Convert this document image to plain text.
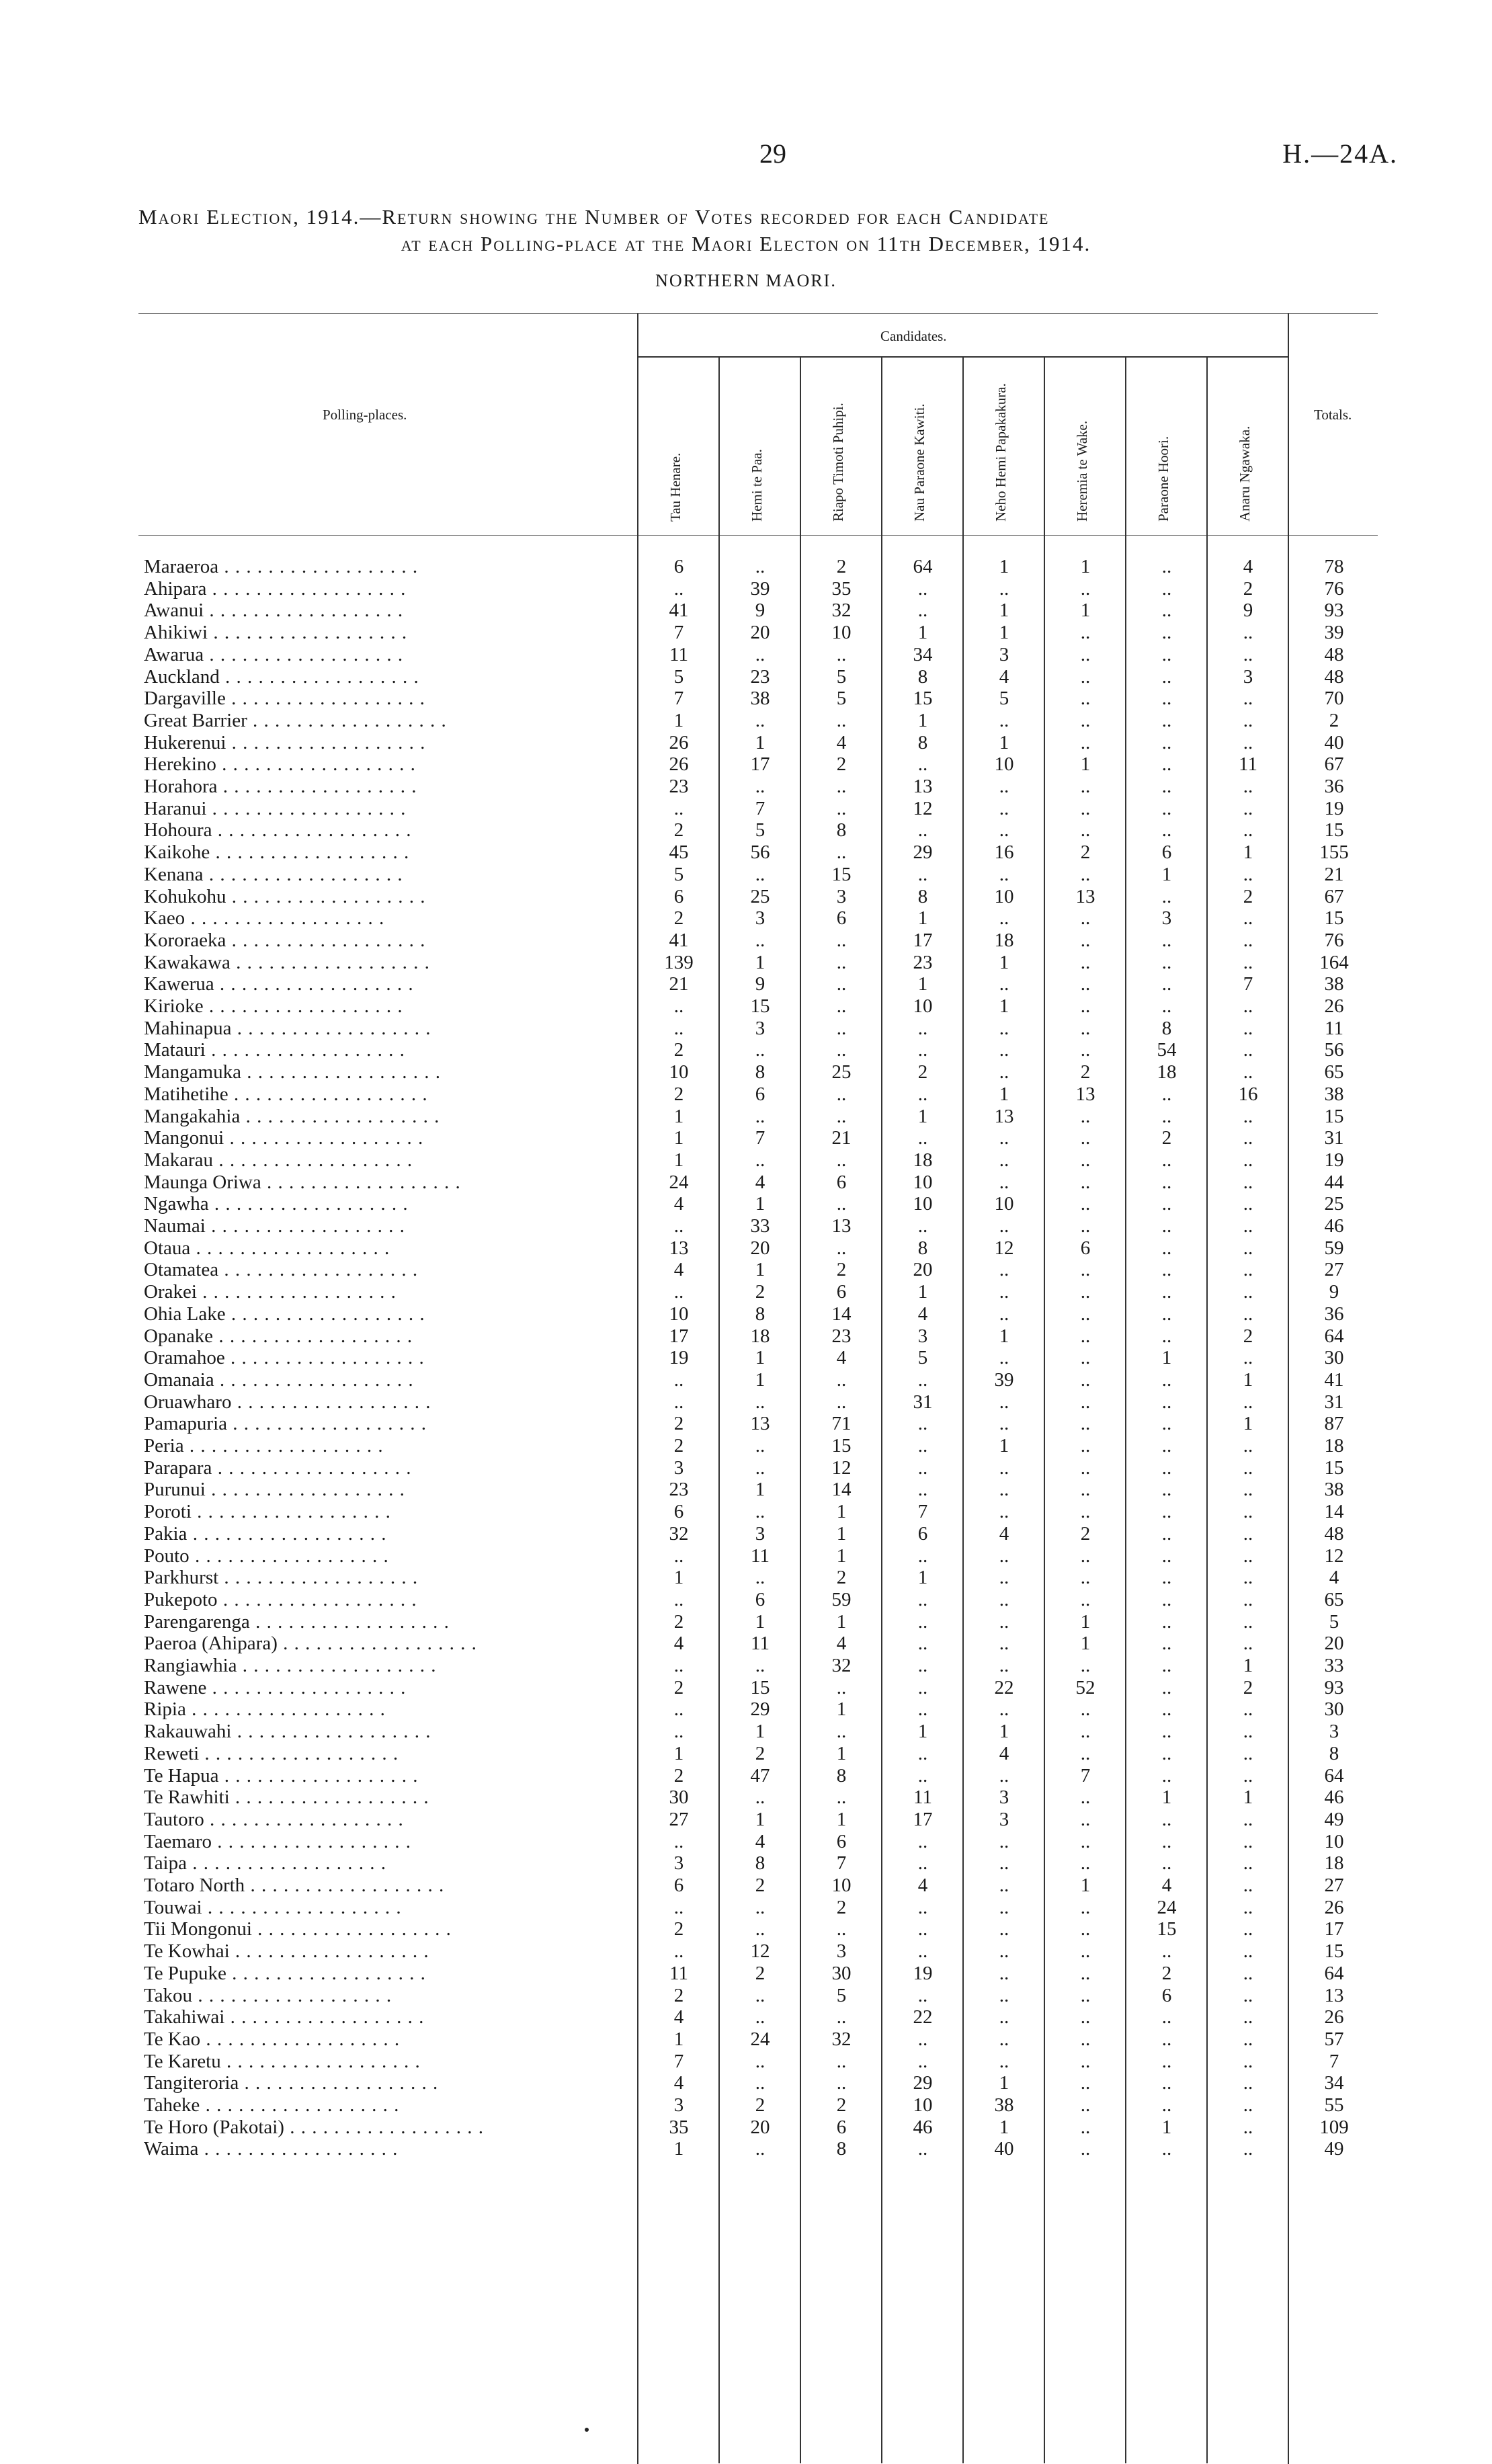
29	H.—24A.
Maori Election, 1914.—Return showing the Number of Votes recorded for each Candidate
at each Polling-place at the Maori Electon on 11th December, 1914.
NORTHERN MAORI.
Polling-places.
Candidates.
Totals.
Tau Henare.	Hemi te Paa.	Riapo Timoti Puhipi.	Nau Paraone Kawiti.	Neho Hemi Papakakura.	Heremia te Wake.	Paraone Hoori.	Anaru Ngawaka.
Maraeroa . .	6	..	2	64	1	1	..	4	78
Ahipara . .	..	39	35	..	..	..	..	2	76
Awanui . .	41	9	32	..	1	1	..	9	93
Ahikiwi . .	7	20	10	1	1	..	..	..	39
Awarua . .	11	..	..	34	3	..	..	..	48
Auckland . .	5	23	5	8	4	..	..	3	48
Dargaville . .	7	38	5	15	5	..	..	..	70
Great Barrier . .	1	..	..	1	..	..	..	..	2
Hukerenui . .	26	1	4	8	1	..	..	..	40
Herekino . .	26	17	2	..	10	1	..	11	67
Horahora . .	23	..	..	13	..	..	..	..	36
Haranui . .	..	7	..	12	..	..	..	..	19
Hohoura . .	2	5	8	..	..	..	..	..	15
Kaikohe . .	45	56	..	29	16	2	6	1	155
Kenana . .	5	..	15	..	..	..	1	..	21
Kohukohu . .	6	25	3	8	10	13	..	2	67
Kaeo . .	2	3	6	1	..	..	3	..	15
Kororaeka . .	41	..	..	17	18	..	..	..	76
Kawakawa . .	139	1	..	23	1	..	..	..	164
Kawerua . .	21	9	..	1	..	..	..	7	38
Kirioke . .	..	15	..	10	1	..	..	..	26
Mahinapua . .	..	3	..	..	..	..	8	..	11
Matauri . .	2	..	..	..	..	..	54	..	56
Mangamuka . .	10	8	25	2	..	2	18	..	65
Matihetihe . .	2	6	..	..	1	13	..	16	38
Mangakahia . .	1	..	..	1	13	..	..	..	15
Mangonui . .	1	7	21	..	..	..	2	..	31
Makarau . .	1	..	..	18	..	..	..	..	19
Maunga Oriwa . .	24	4	6	10	..	..	..	..	44
Ngawha . .	4	1	..	10	10	..	..	..	25
Naumai . .	..	33	13	..	..	..	..	..	46
Otaua . .	13	20	..	8	12	6	..	..	59
Otamatea . .	4	1	2	20	..	..	..	..	27
Orakei . .	..	2	6	1	..	..	..	..	9
Ohia Lake . .	10	8	14	4	..	..	..	..	36
Opanake . .	17	18	23	3	1	..	..	2	64
Oramahoe . .	19	1	4	5	..	..	1	..	30
Omanaia . .	..	1	..	..	39	..	..	1	41
Oruawharo . .	..	..	..	31	..	..	..	..	31
Pamapuria . .	2	13	71	..	..	..	..	1	87
Peria . .	2	..	15	..	1	..	..	..	18
Parapara . .	3	..	12	..	..	..	..	..	15
Purunui . .	23	1	14	..	..	..	..	..	38
Poroti . .	6	..	1	7	..	..	..	..	14
Pakia . .	32	3	1	6	4	2	..	..	48
Pouto . .	..	11	1	..	..	..	..	..	12
Parkhurst . .	1	..	2	1	..	..	..	..	4
Pukepoto . .	..	6	59	..	..	..	..	..	65
Parengarenga . .	2	1	1	..	..	1	..	..	5
Paeroa (Ahipara) . .	4	11	4	..	..	1	..	..	20
Rangiawhia . .	..	..	32	..	..	..	..	1	33
Rawene . .	2	15	..	..	22	52	..	2	93
Ripia . .	..	29	1	..	..	..	..	..	30
Rakauwahi . .	..	1	..	1	1	..	..	..	3
Reweti . .	1	2	1	..	4	..	..	..	8
Te Hapua . .	2	47	8	..	..	7	..	..	64
Te Rawhiti . .	30	..	..	11	3	..	1	1	46
Tautoro . .	27	1	1	17	3	..	..	..	49
Taemaro . .	..	4	6	..	..	..	..	..	10
Taipa . .	3	8	7	..	..	..	..	..	18
Totaro North . .	6	2	10	4	..	1	4	..	27
Touwai . .	..	..	2	..	..	..	24	..	26
Tii Mongonui . .	2	..	..	..	..	..	15	..	17
Te Kowhai . .	..	12	3	..	..	..	..	..	15
Te Pupuke . .	11	2	30	19	..	..	2	..	64
Takou . .	2	..	5	..	..	..	6	..	13
Takahiwai . .	4	..	..	22	..	..	..	..	26
Te Kao . .	1	24	32	..	..	..	..	..	57
Te Karetu . .	7	..	..	..	..	..	..	..	7
Tangiteroria . .	4	..	..	29	1	..	..	..	34
Taheke . .	3	2	2	10	38	..	..	..	55
Te Horo (Pakotai) . .	35	20	6	46	1	..	1	..	109
Waima . .	1	..	8	..	40	..	..	..	49
